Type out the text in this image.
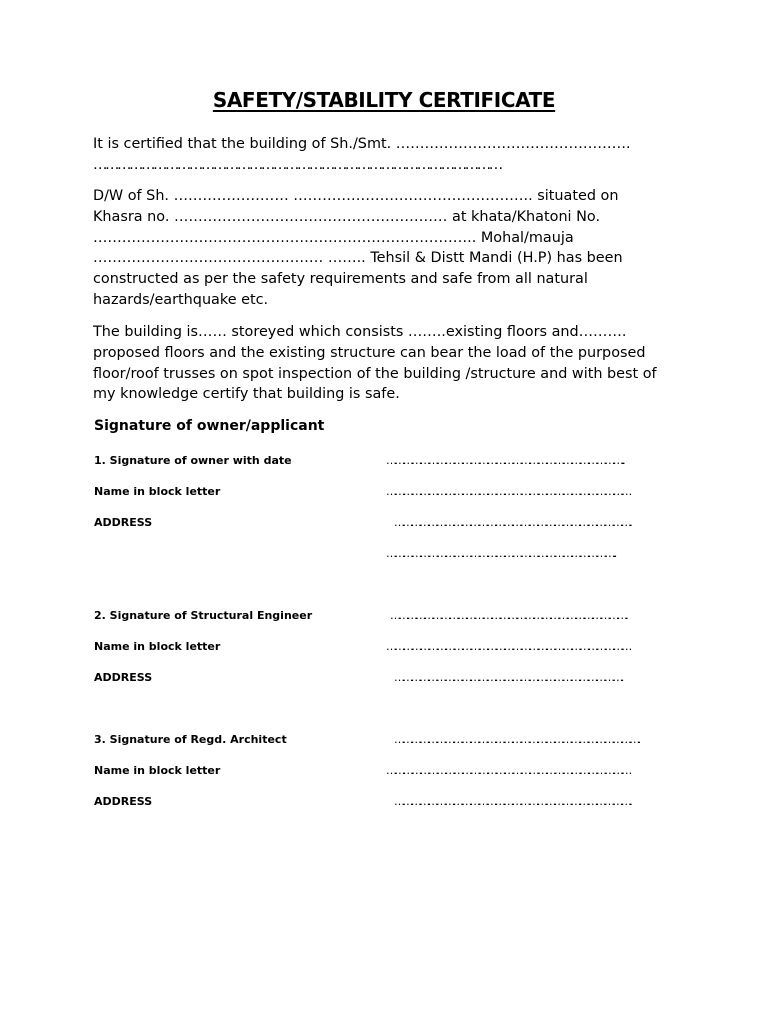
SAFETY/STABILITY CERTIFICATE
It is certified that the building of Sh./Smt. ………………………………………….
…………………………………………………………………………………………
D/W of Sh. …………………… ………………………………………….. situated on
Khasra no. ………………………………………………… at khata/Khatoni No.
…………………………………………………………………….. Mohal/mauja
………………………………………… …….. Tehsil & Distt Mandi (H.P) has been
constructed as per the safety requirements and safe from all natural
hazards/earthquake etc.
The building is…… storeyed which consists ……..existing floors and……….
proposed floors and the existing structure can bear the load of the purposed
floor/roof trusses on spot inspection of the building /structure and with best of
my knowledge certify that building is safe.
Signature of owner/applicant
1. Signature of owner with date	…………………………………………………………………………..
Name in block letter	……………………………………………………………………………
ADDRESS	………………………………………………………………………….
………………………………………………………………………..
2. Signature of Structural Engineer	………………………………………………………………………….
Name in block letter	……………………………………………………………………………
ADDRESS	……………………………………………………………………….
3. Signature of Regd. Architect	…………………………………………………………………………….
Name in block letter	……………………………………………………………………………
ADDRESS	………………………………………………………………………….
